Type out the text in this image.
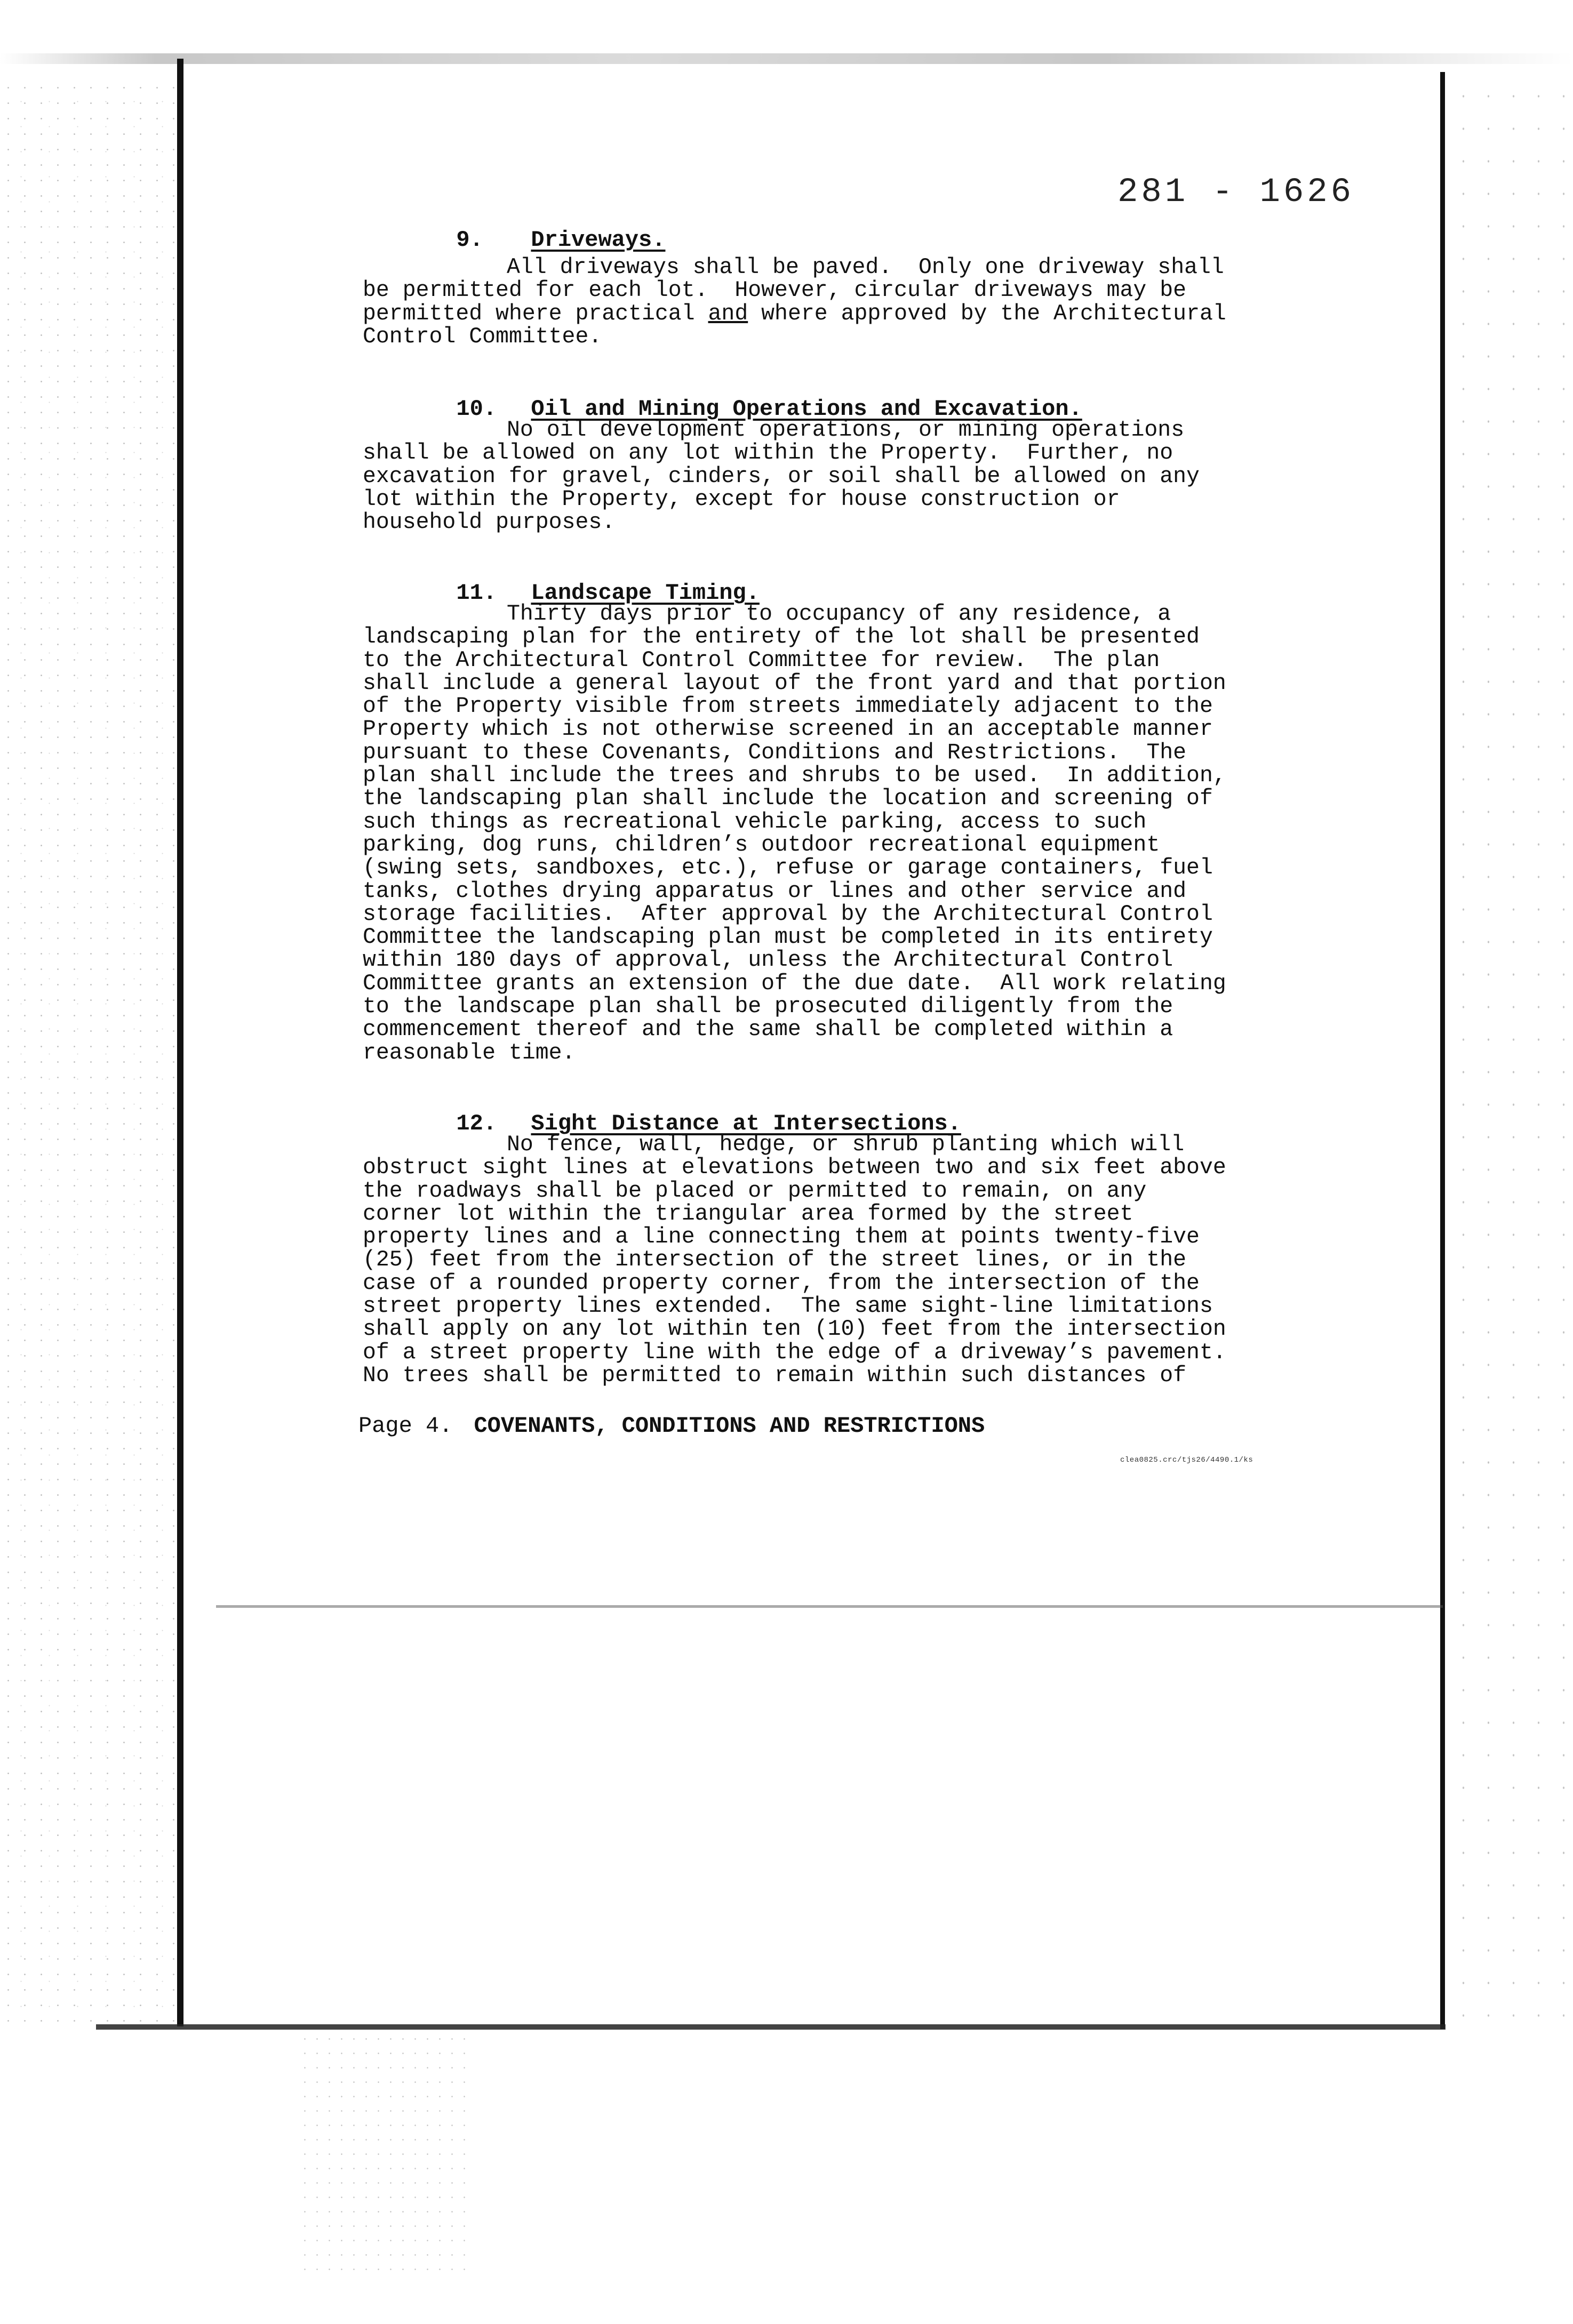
281 - 1626

9. Driveways.

All driveways shall be paved.  Only one driveway shall
be permitted for each lot.  However, circular driveways may be
permitted where practical and where approved by the Architectural
Control Committee.

10. Oil and Mining Operations and Excavation.

No oil development operations, or mining operations
shall be allowed on any lot within the Property.  Further, no
excavation for gravel, cinders, or soil shall be allowed on any
lot within the Property, except for house construction or
household purposes.

11. Landscape Timing.

Thirty days prior to occupancy of any residence, a
landscaping plan for the entirety of the lot shall be presented
to the Architectural Control Committee for review.  The plan
shall include a general layout of the front yard and that portion
of the Property visible from streets immediately adjacent to the
Property which is not otherwise screened in an acceptable manner
pursuant to these Covenants, Conditions and Restrictions.  The
plan shall include the trees and shrubs to be used.  In addition,
the landscaping plan shall include the location and screening of
such things as recreational vehicle parking, access to such
parking, dog runs, children’s outdoor recreational equipment
(swing sets, sandboxes, etc.), refuse or garage containers, fuel
tanks, clothes drying apparatus or lines and other service and
storage facilities.  After approval by the Architectural Control
Committee the landscaping plan must be completed in its entirety
within 180 days of approval, unless the Architectural Control
Committee grants an extension of the due date.  All work relating
to the landscape plan shall be prosecuted diligently from the
commencement thereof and the same shall be completed within a
reasonable time.

12. Sight Distance at Intersections.

No fence, wall, hedge, or shrub planting which will
obstruct sight lines at elevations between two and six feet above
the roadways shall be placed or permitted to remain, on any
corner lot within the triangular area formed by the street
property lines and a line connecting them at points twenty-five
(25) feet from the intersection of the street lines, or in the
case of a rounded property corner, from the intersection of the
street property lines extended.  The same sight-line limitations
shall apply on any lot within ten (10) feet from the intersection
of a street property line with the edge of a driveway’s pavement.
No trees shall be permitted to remain within such distances of
Page 4. COVENANTS, CONDITIONS AND RESTRICTIONS
clea0825.crc/tjs26/4490.1/ks
